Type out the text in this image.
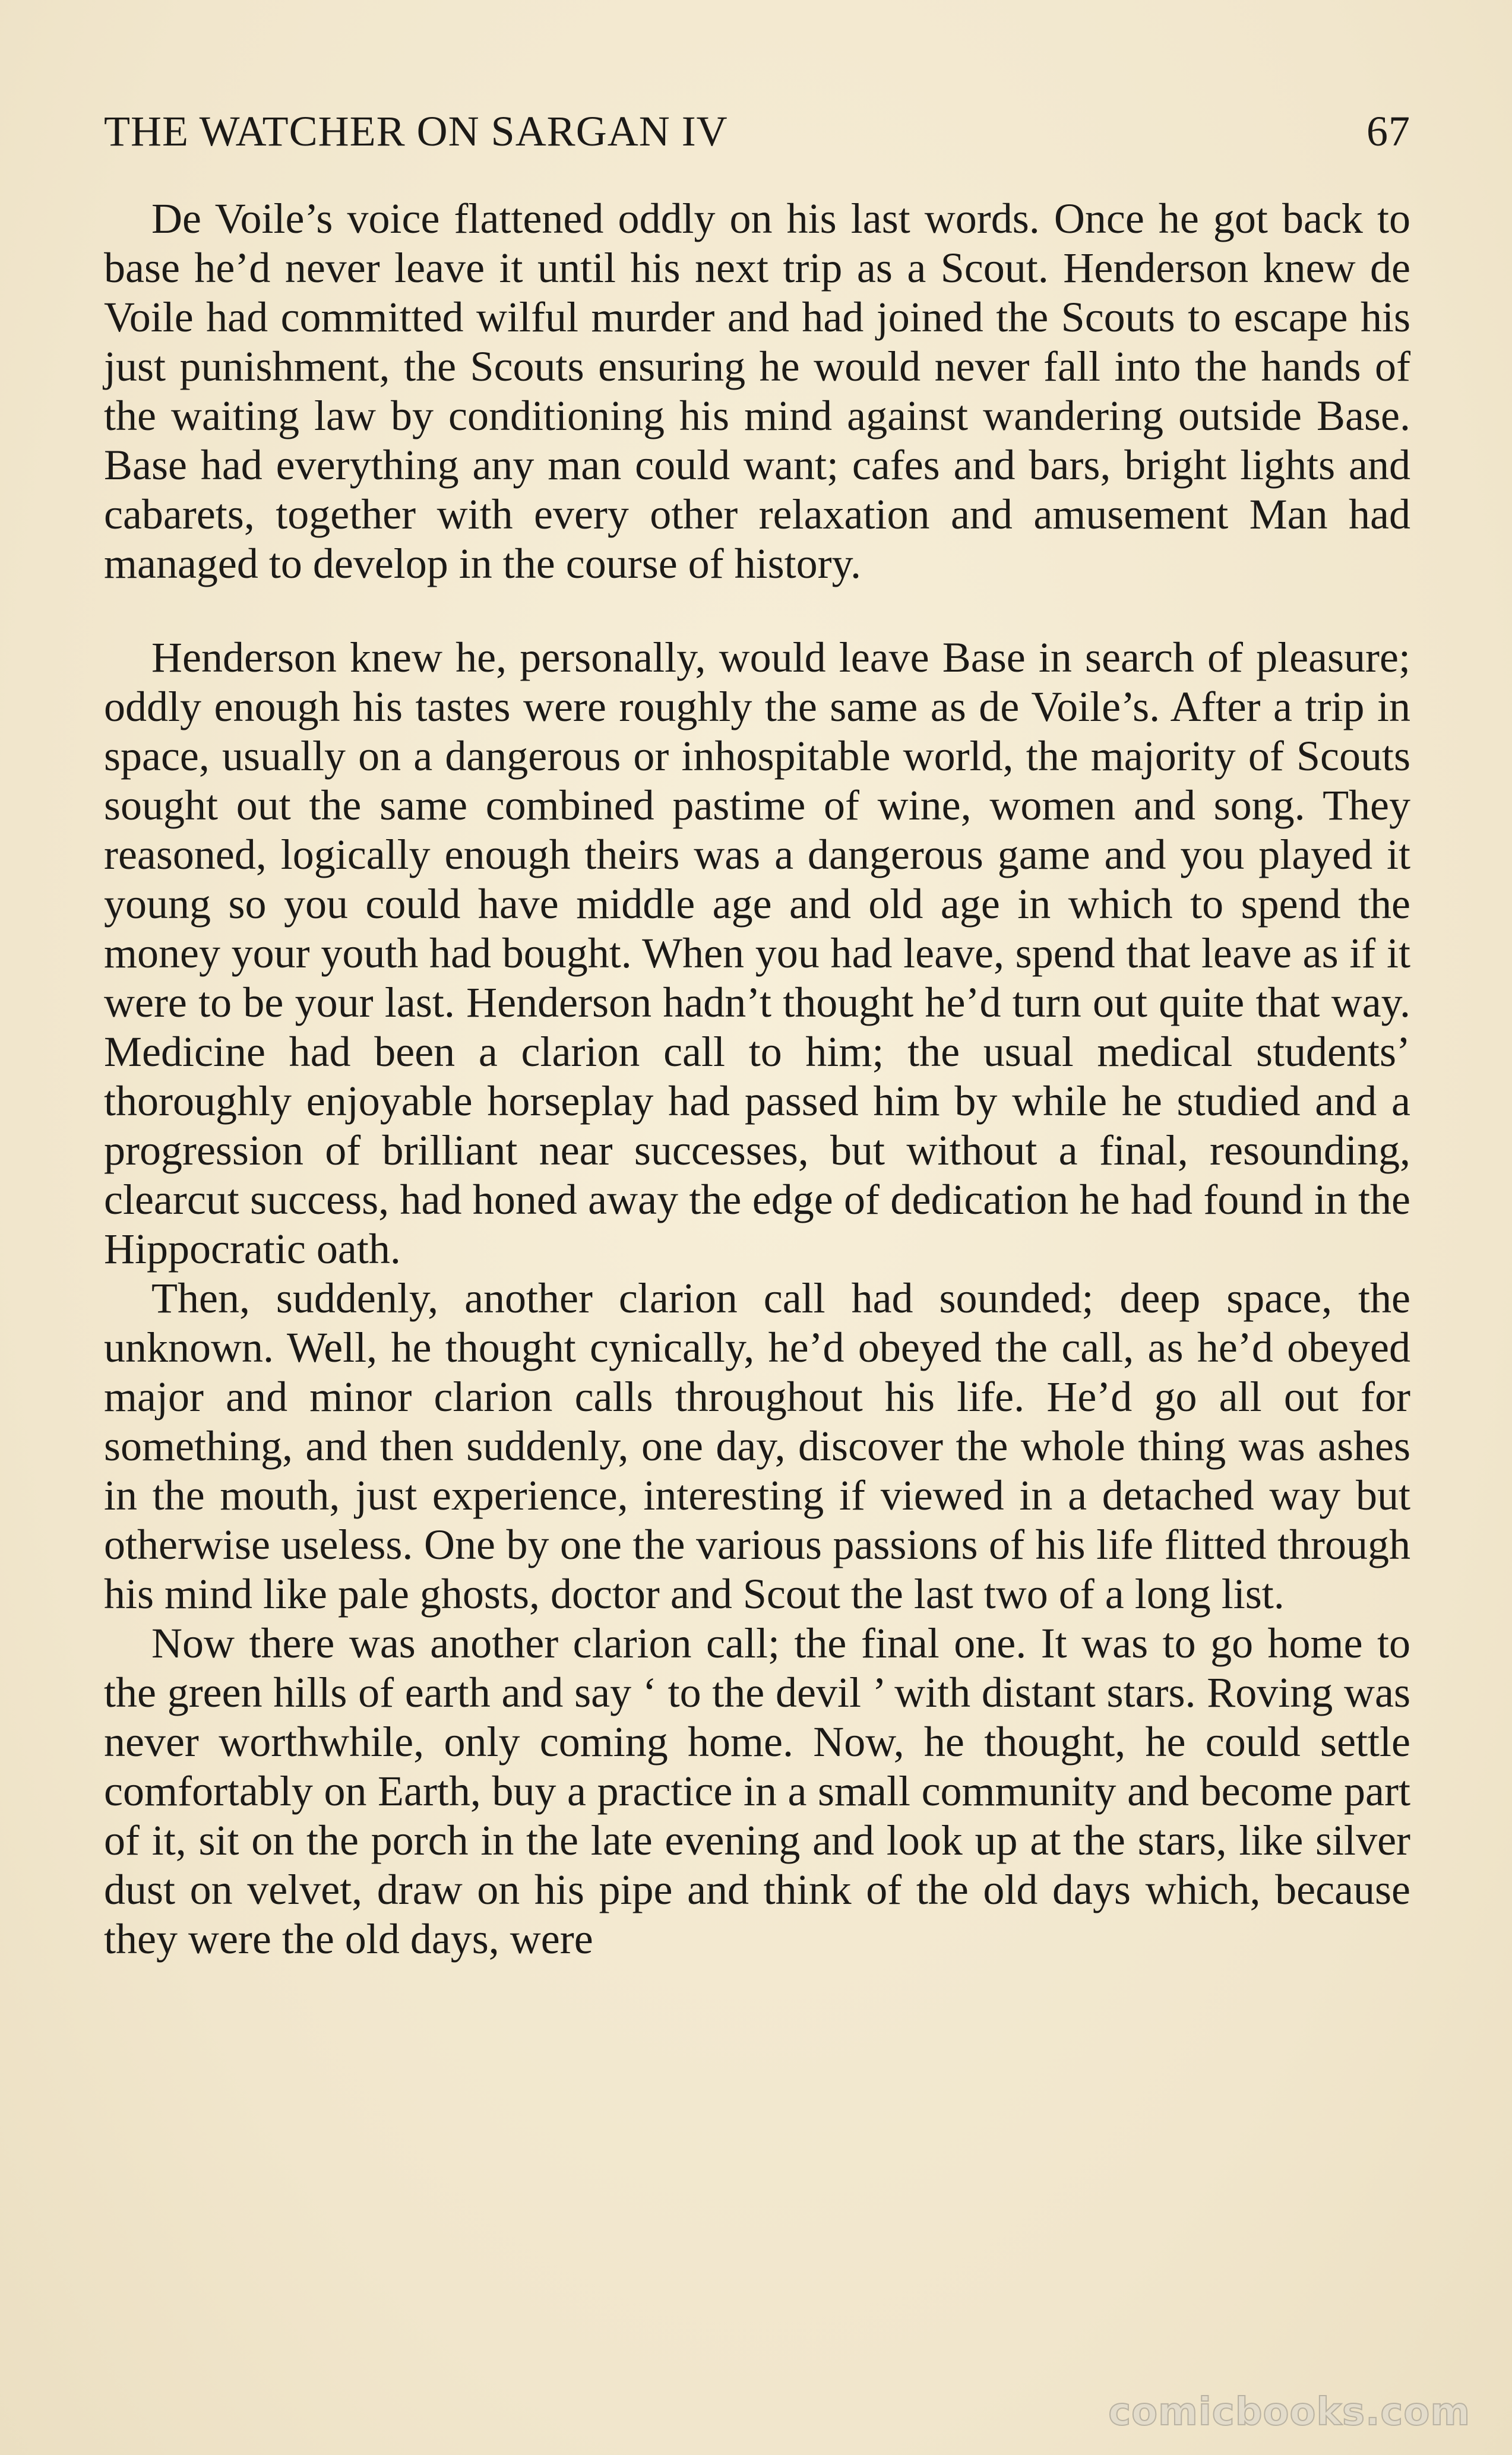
THE WATCHER ON SARGAN IV	67

De Voile’s voice flattened oddly on his last words. Once he got back to base he’d never leave it until his next trip as a Scout. Henderson knew de Voile had committed wilful murder and had joined the Scouts to escape his just punishment, the Scouts ensuring he would never fall into the hands of the waiting law by conditioning his mind against wandering outside Base. Base had everything any man could want; cafes and bars, bright lights and cabarets, together with every other relaxation and amusement Man had managed to develop in the course of history.

Henderson knew he, personally, would leave Base in search of pleasure; oddly enough his tastes were roughly the same as de Voile’s. After a trip in space, usually on a dangerous or inhospitable world, the majority of Scouts sought out the same combined pastime of wine, women and song. They reasoned, logically enough theirs was a dangerous game and you played it young so you could have middle age and old age in which to spend the money your youth had bought. When you had leave, spend that leave as if it were to be your last. Henderson hadn’t thought he’d turn out quite that way. Medicine had been a clarion call to him; the usual medical students’ thoroughly enjoyable horseplay had passed him by while he studied and a progression of brilliant near successes, but without a final, resounding, clearcut success, had honed away the edge of dedication he had found in the Hippocratic oath.

Then, suddenly, another clarion call had sounded; deep space, the unknown. Well, he thought cynically, he’d obeyed the call, as he’d obeyed major and minor clarion calls throughout his life. He’d go all out for something, and then suddenly, one day, discover the whole thing was ashes in the mouth, just experience, interesting if viewed in a detached way but otherwise useless. One by one the various passions of his life flitted through his mind like pale ghosts, doctor and Scout the last two of a long list.

Now there was another clarion call; the final one. It was to go home to the green hills of earth and say ‘ to the devil ’ with distant stars. Roving was never worthwhile, only coming home. Now, he thought, he could settle comfortably on Earth, buy a practice in a small community and become part of it, sit on the porch in the late evening and look up at the stars, like silver dust on velvet, draw on his pipe and think of the old days which, because they were the old days, were

comicbooks.com
